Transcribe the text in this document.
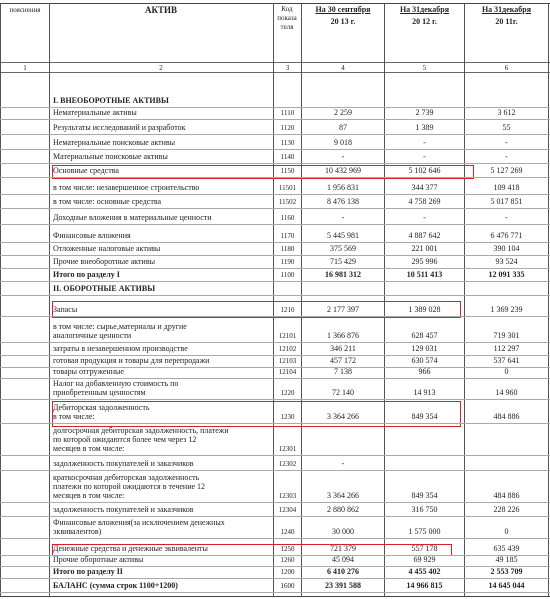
пояснения	АКТИВ	Код показа теля
На 30 сентября
20 13 г.
На 31декабря
20 12 г.
На 31декабря
20 11г.
1	2	3	4	5	6
I. ВНЕОБОРОТНЫЕ АКТИВЫ
Нематериальные активы	1110	2 259	2 739	3 612
Результаты исследований и разработок	1120	87	1 389	55
Нематериальные поисковые активы	1130	9 018	-	-
Материальные поисковые активы	1140	-	-	-
Основные средства	1150	10 432 969	5 102 646	5 127 269
в том числе: незавершенное строительство	11501	1 956 831	344 377	109 418
в том числе: основные средства	11502	8 476 138	4 758 269	5 017 851
Доходные вложения в материальные ценности	1160	-	-	-
Финансовые вложения	1170	5 445 981	4 887 642	6 476 771
Отложенные налоговые активы	1180	375 569	221 001	390 104
Прочие внеоборотные активы	1190	715 429	295 996	93 524
Итого по разделу I	1100	16 981 312	10 511 413	12 091 335
II. ОБОРОТНЫЕ АКТИВЫ
Запасы	1210	2 177 397	1 389 028	1 369 239
в том числе: сырье,материалы и другие
аналогичные ценности	12101	1 366 876	628 457	719 301
затраты в незавершенном производстве	12102	346 211	129 031	112 297
готовая продукция и товары для перепродажи	12103	457 172	630 574	537 641
товары отгруженные	12104	7 138	966	0
Налог на добавленную стоимость по
приобретенным ценностям	1220	72 140	14 913	14 960
Дебиторская задолженность
в том числе:	1230	3 364 266	849 354	484 886
долгосрочная дебиторская задолженность, платежи
по которой ожидаются более чем через 12
месяцев в том числе:	12301
задолженность покупателей и заказчиков	12302	-
краткосрочная дебиторская задолженность
платежи по которой ожидаются в течение 12
месяцев в том числе:	12303	3 364 266	849 354	484 886
задолженность покупателей и заказчиков	12304	2 880 862	316 750	228 226
Финансовые вложения(за исключением денежных
эквивалентов)	1240	30 000	1 575 000	0
Денежные средства и денежные эквиваленты	1250	721 379	557 178	635 439
Прочие оборотные активы	1260	45 094	69 929	49 185
Итого по разделу II	1200	6 410 276	4 455 402	2 553 709
БАЛАНС (сумма строк 1100+1200)	1600	23 391 588	14 966 815	14 645 044
